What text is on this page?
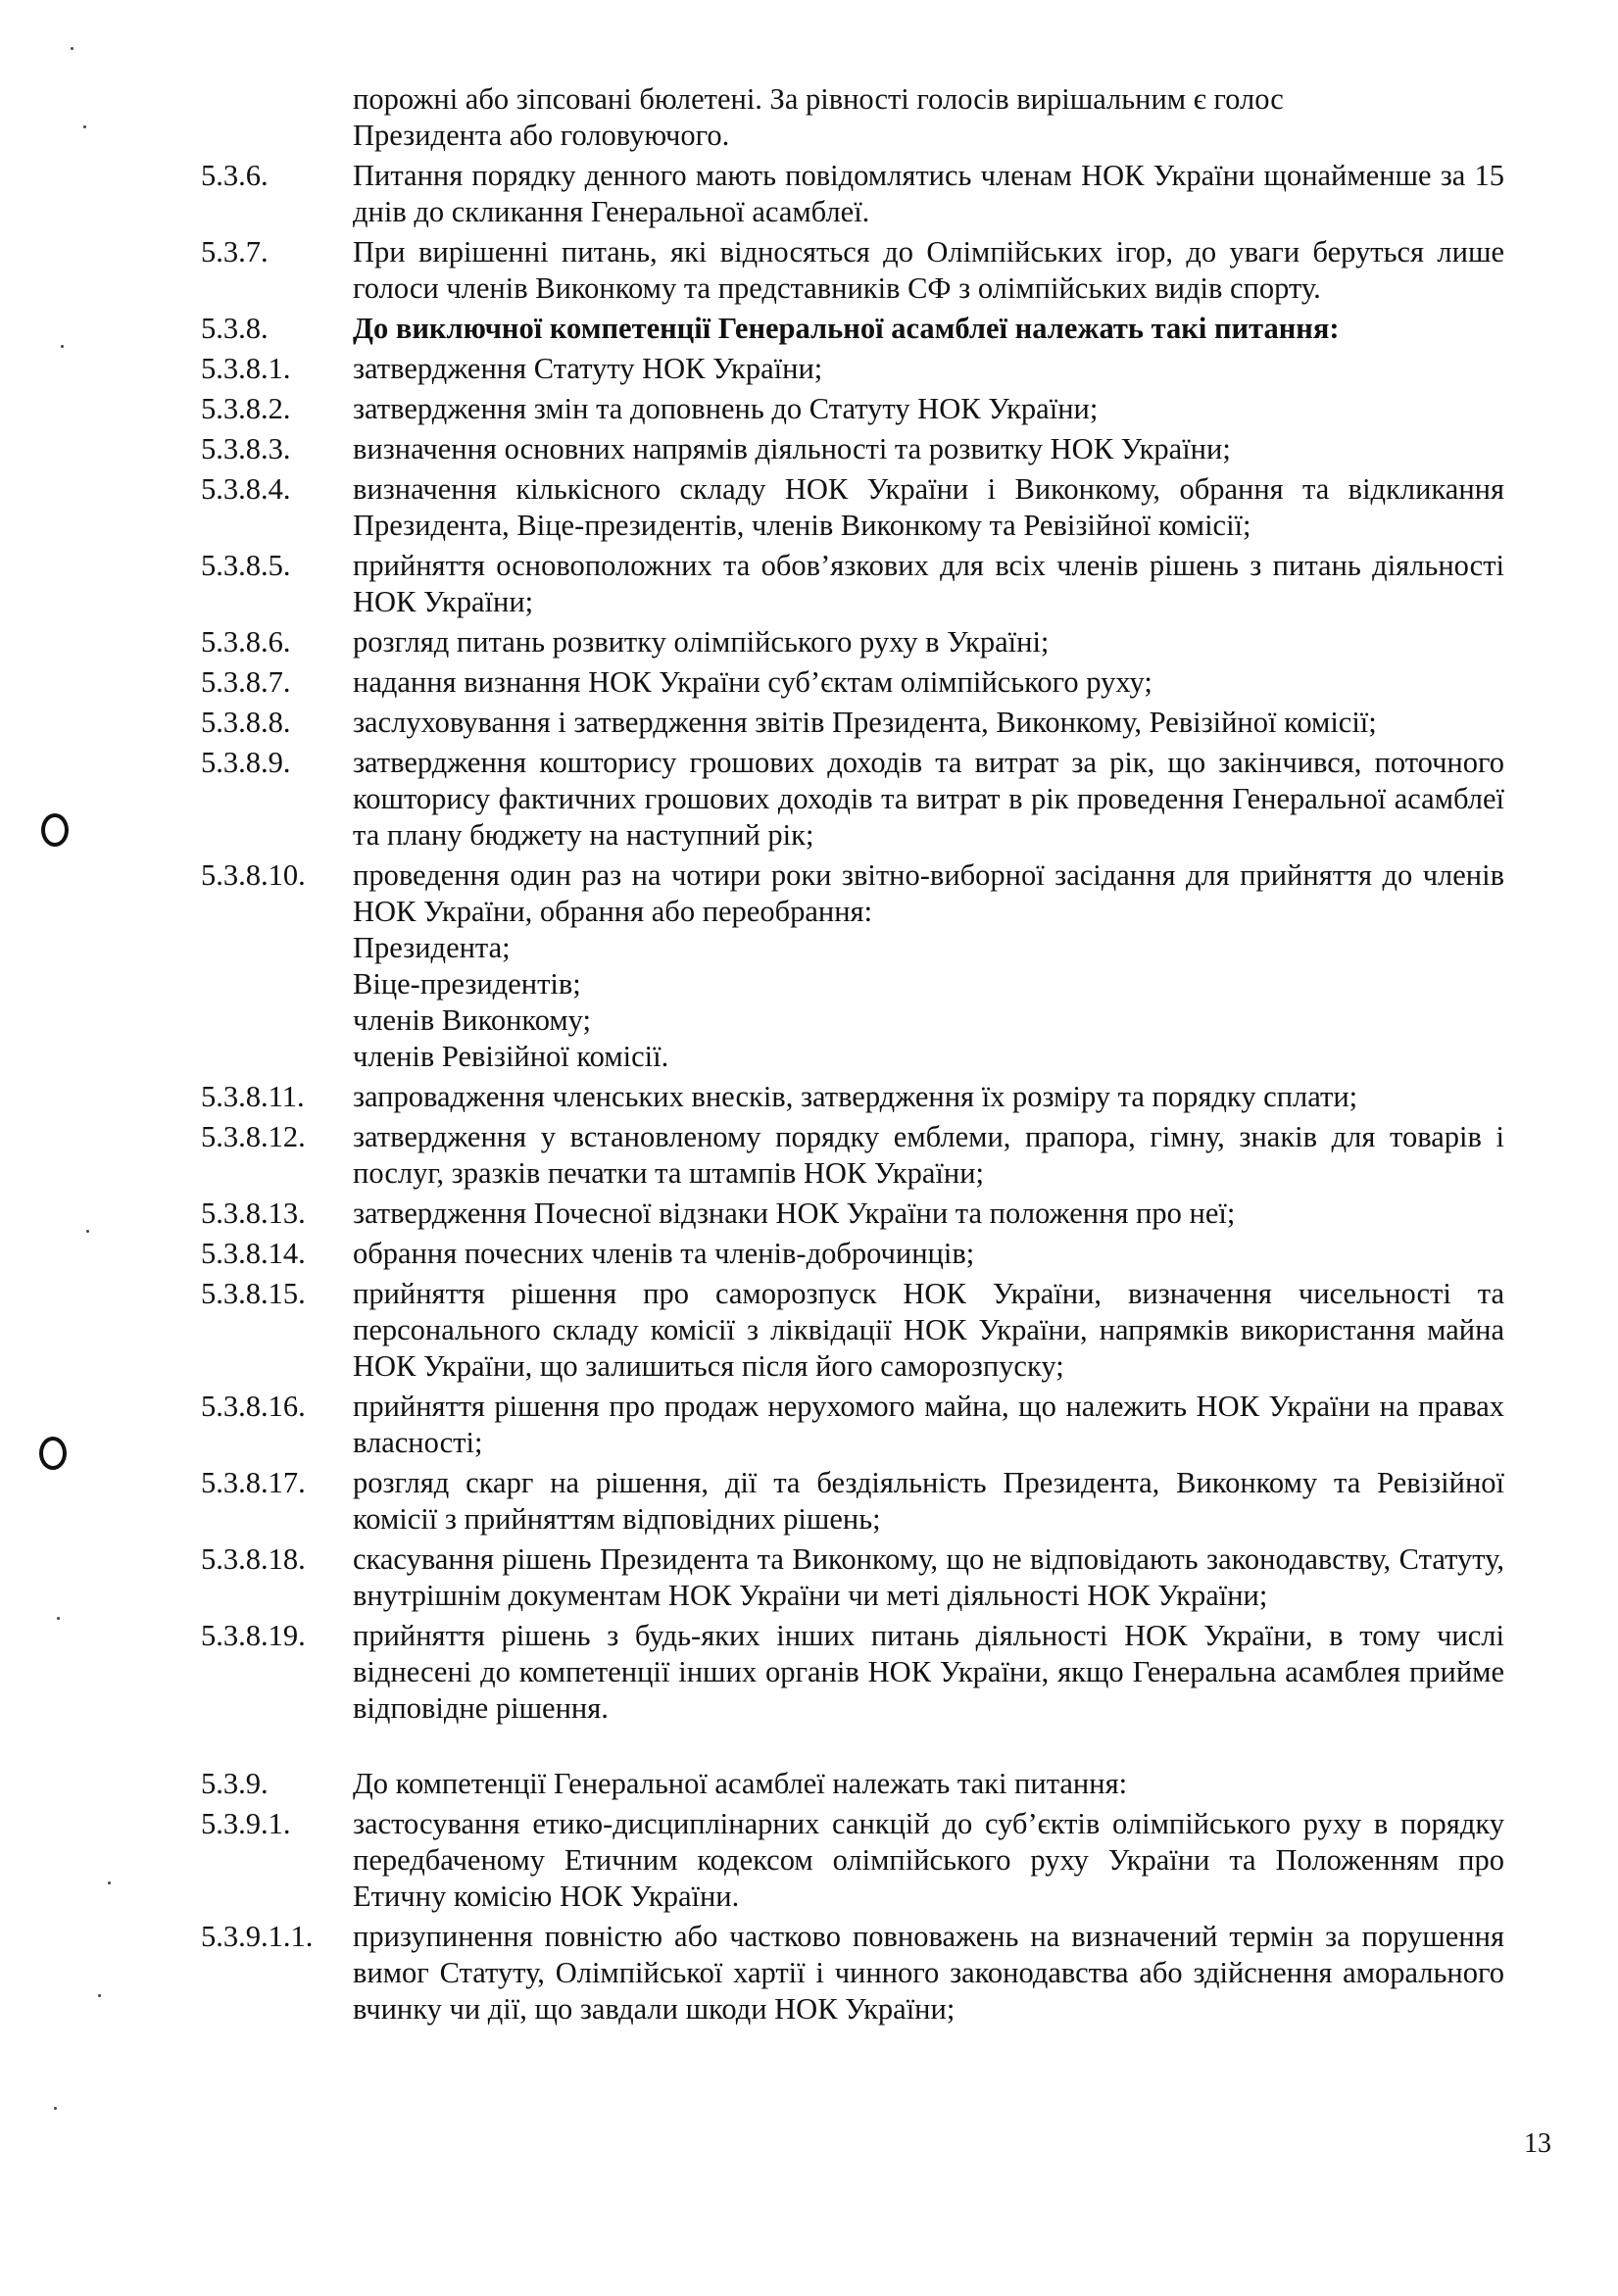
порожні або зіпсовані бюлетені. За рівності голосів вирішальним є голос
Президента або головуючого.
5.3.6.	Питання порядку денного мають повідомлятись членам НОК України щонайменше за 15 днів до скликання Генеральної асамблеї.
5.3.7.	При вирішенні питань, які відносяться до Олімпійських ігор, до уваги беруться лише голоси членів Виконкому та представників СФ з олімпійських видів спорту.
5.3.8.	До виключної компетенції Генеральної асамблеї належать такі питання:
5.3.8.1.	затвердження Статуту НОК України;
5.3.8.2.	затвердження змін та доповнень до Статуту НОК України;
5.3.8.3.	визначення основних напрямів діяльності та розвитку НОК України;
5.3.8.4.	визначення кількісного складу НОК України і Виконкому, обрання та відкликання Президента, Віце-президентів, членів Виконкому та Ревізійної комісії;
5.3.8.5.	прийняття основоположних та обов’язкових для всіх членів рішень з питань діяльності НОК України;
5.3.8.6.	розгляд питань розвитку олімпійського руху в Україні;
5.3.8.7.	надання визнання НОК України суб’єктам олімпійського руху;
5.3.8.8.	заслуховування і затвердження звітів Президента, Виконкому, Ревізійної комісії;
5.3.8.9.	затвердження кошторису грошових доходів та витрат за рік, що закінчився, поточного кошторису фактичних грошових доходів та витрат в рік проведення Генеральної асамблеї та плану бюджету на наступний рік;
5.3.8.10.	проведення один раз на чотири роки звітно-виборної засідання для прийняття до членів НОК України, обрання або переобрання:
Президента;
Віце-президентів;
членів Виконкому;
членів Ревізійної комісії.
5.3.8.11.	запровадження членських внесків, затвердження їх розміру та порядку сплати;
5.3.8.12.	затвердження у встановленому порядку емблеми, прапора, гімну, знаків для товарів і послуг, зразків печатки та штампів НОК України;
5.3.8.13.	затвердження Почесної відзнаки НОК України та положення про неї;
5.3.8.14.	обрання почесних членів та членів-доброчинців;
5.3.8.15.	прийняття рішення про саморозпуск НОК України, визначення чисельності та персонального складу комісії з ліквідації НОК України, напрямків використання майна НОК України, що залишиться після його саморозпуску;
5.3.8.16.	прийняття рішення про продаж нерухомого майна, що належить НОК України на правах власності;
5.3.8.17.	розгляд скарг на рішення, дії та бездіяльність Президента, Виконкому та Ревізійної комісії з прийняттям відповідних рішень;
5.3.8.18.	скасування рішень Президента та Виконкому, що не відповідають законодавству, Статуту, внутрішнім документам НОК України чи меті діяльності НОК України;
5.3.8.19.	прийняття рішень з будь-яких інших питань діяльності НОК України, в тому числі віднесені до компетенції інших органів НОК України, якщо Генеральна асамблея прийме відповідне рішення.
5.3.9.	До компетенції Генеральної асамблеї належать такі питання:
5.3.9.1.	застосування етико-дисциплінарних санкцій до суб’єктів олімпійського руху в порядку передбаченому Етичним кодексом олімпійського руху України та Положенням про Етичну комісію НОК України.
5.3.9.1.1.	призупинення повністю або частково повноважень на визначений термін за порушення вимог Статуту, Олімпійської хартії і чинного законодавства або здійснення аморального вчинку чи дії, що завдали шкоди НОК України;
13
